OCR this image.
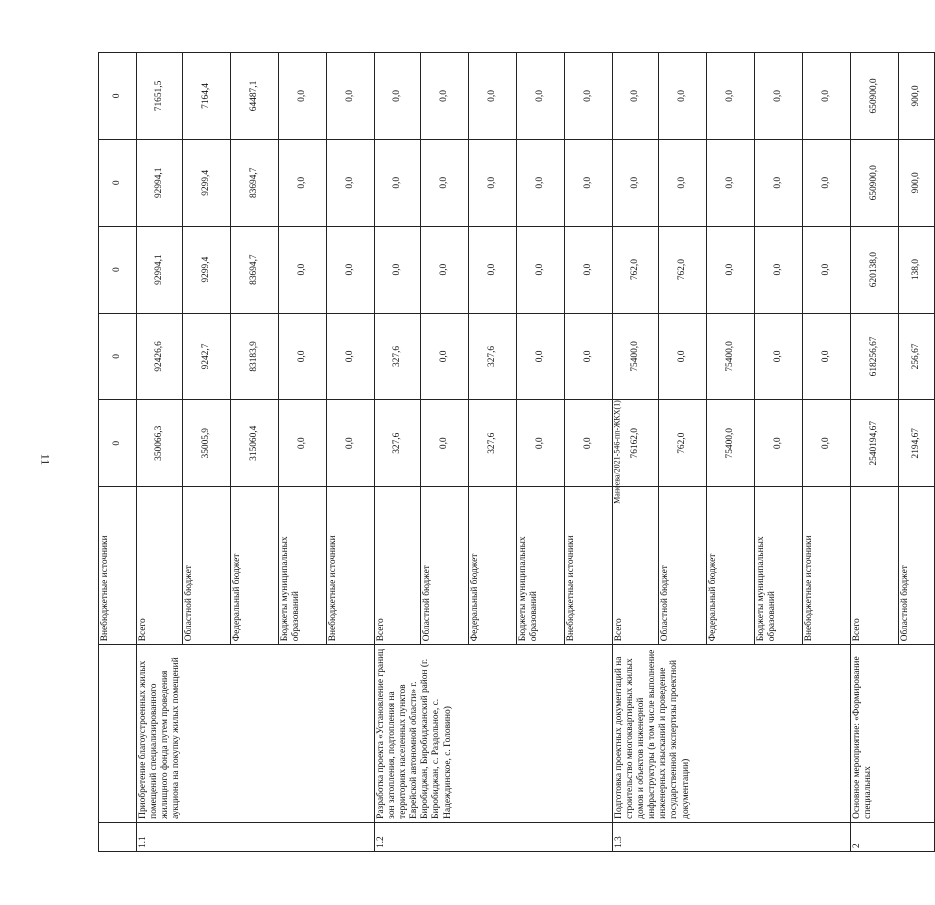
11
		Внебюджетные источники	0	0	0	0	0
1.1	Приобретение благоустроенных жилых помещений специализированного жилищного фонда путем проведения аукциона на покупку жилых помещений	Всего	350066,3	92426,6	92994,1	92994,1	71651,5
		Областной бюджет	35005,9	9242,7	9299,4	9299,4	7164,4
		Федеральный бюджет	315060,4	83183,9	83694,7	83694,7	64487,1
		Бюджеты муниципальных образований	0,0	0,0	0,0	0,0	0,0
		Внебюджетные источники	0,0	0,0	0,0	0,0	0,0
1.2	Разработка проекта «Установление границ зон затопления, подтопления на территориях населенных пунктов Еврейской автономной области» г. Биробиджан, Биробиджанский район (г. Биробиджан, с. Раздольное, с. Надеждинское, с. Головино)	Всего	327,6	327,6	0,0	0,0	0,0
		Областной бюджет	0,0	0,0	0,0	0,0	0,0
		Федеральный бюджет	327,6	327,6	0,0	0,0	0,0
		Бюджеты муниципальных образований	0,0	0,0	0,0	0,0	0,0
		Внебюджетные источники	0,0	0,0	0,0	0,0	0,0
1.3	Подготовка проектных документаций на строительство многоквартирных жилых домов и объектов инженерной инфраструктуры (в том числе выполнение инженерных изысканий и проведение государственной экспертизы проектной документации)	Всего	76162,0	75400,0	762,0	0,0	0,0
		Областной бюджет	762,0	0,0	762,0	0,0	0,0
		Федеральный бюджет	75400,0	75400,0	0,0	0,0	0,0
		Бюджеты муниципальных образований	0,0	0,0	0,0	0,0	0,0
		Внебюджетные источники	0,0	0,0	0,0	0,0	0,0
2	Основное мероприятие: «Формирование специальных	Всего	2540194,67	618256,67	620138,0	650900,0	650900,0
		Областной бюджет	2194,67	256,67	138,0	900,0	900,0
Манеева/2021-546-пп-ЖКХ(1)
